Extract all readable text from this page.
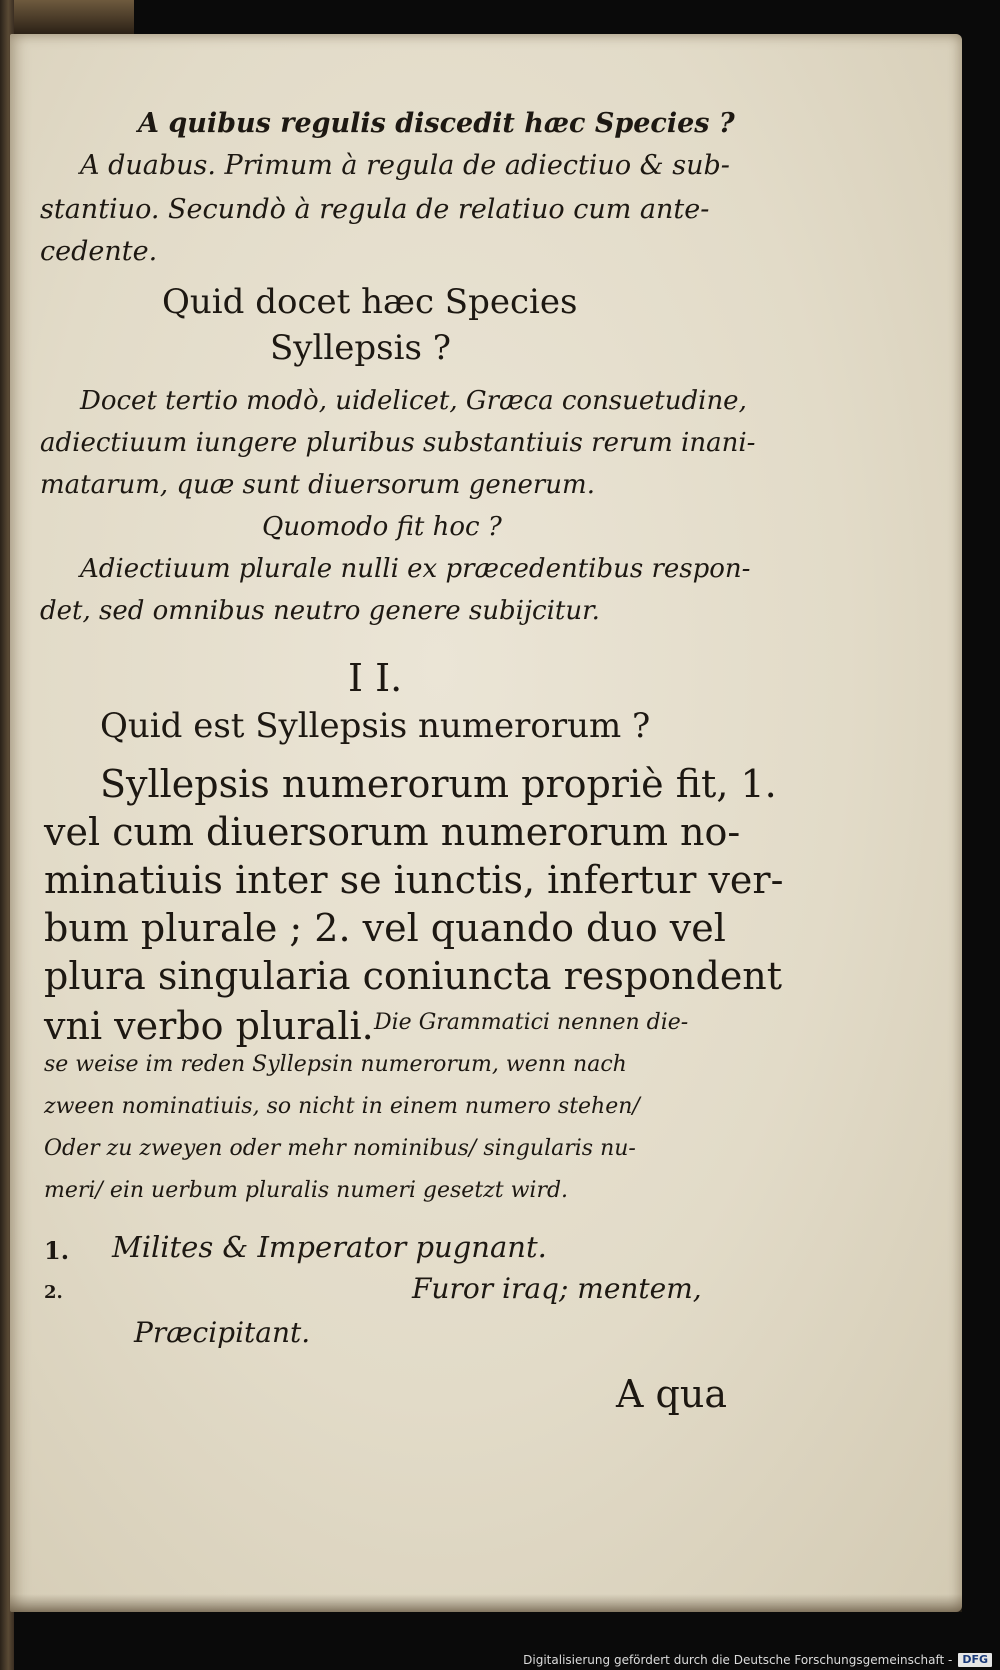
A quibus regulis discedit hæc Species ?
A duabus. Primum à regula de adiectiuo & sub-
stantiuo. Secundò à regula de relatiuo cum ante-
cedente.
Quid docet hæc Species
Syllepsis ?
Docet tertio modò, uidelicet, Græca consuetudine,
adiectiuum iungere pluribus substantiuis rerum inani-
matarum, quæ sunt diuersorum generum.
Quomodo fit hoc ?
Adiectiuum plurale nulli ex præcedentibus respon-
det, sed omnibus neutro genere subijcitur.
I I.
Quid est Syllepsis numerorum ?
Syllepsis numerorum propriè fit, 1.
vel cum diuersorum numerorum no-
minatiuis inter se iunctis, infertur ver-
bum plurale ; 2. vel quando duo vel
plura singularia coniuncta respondent
vni verbo plurali. Die Grammatici nennen die-
se weise im reden Syllepsin numerorum, wenn nach
zween nominatiuis, so nicht in einem numero stehen/
Oder zu zweyen oder mehr nominibus/ singularis nu-
meri/ ein uerbum pluralis numeri gesetzt wird.
1. Milites & Imperator pugnant.
2.	Furor iraq; mentem,
Præcipitant.
A qua
Digitalisierung gefördert durch die Deutsche Forschungsgemeinschaft - DFG
